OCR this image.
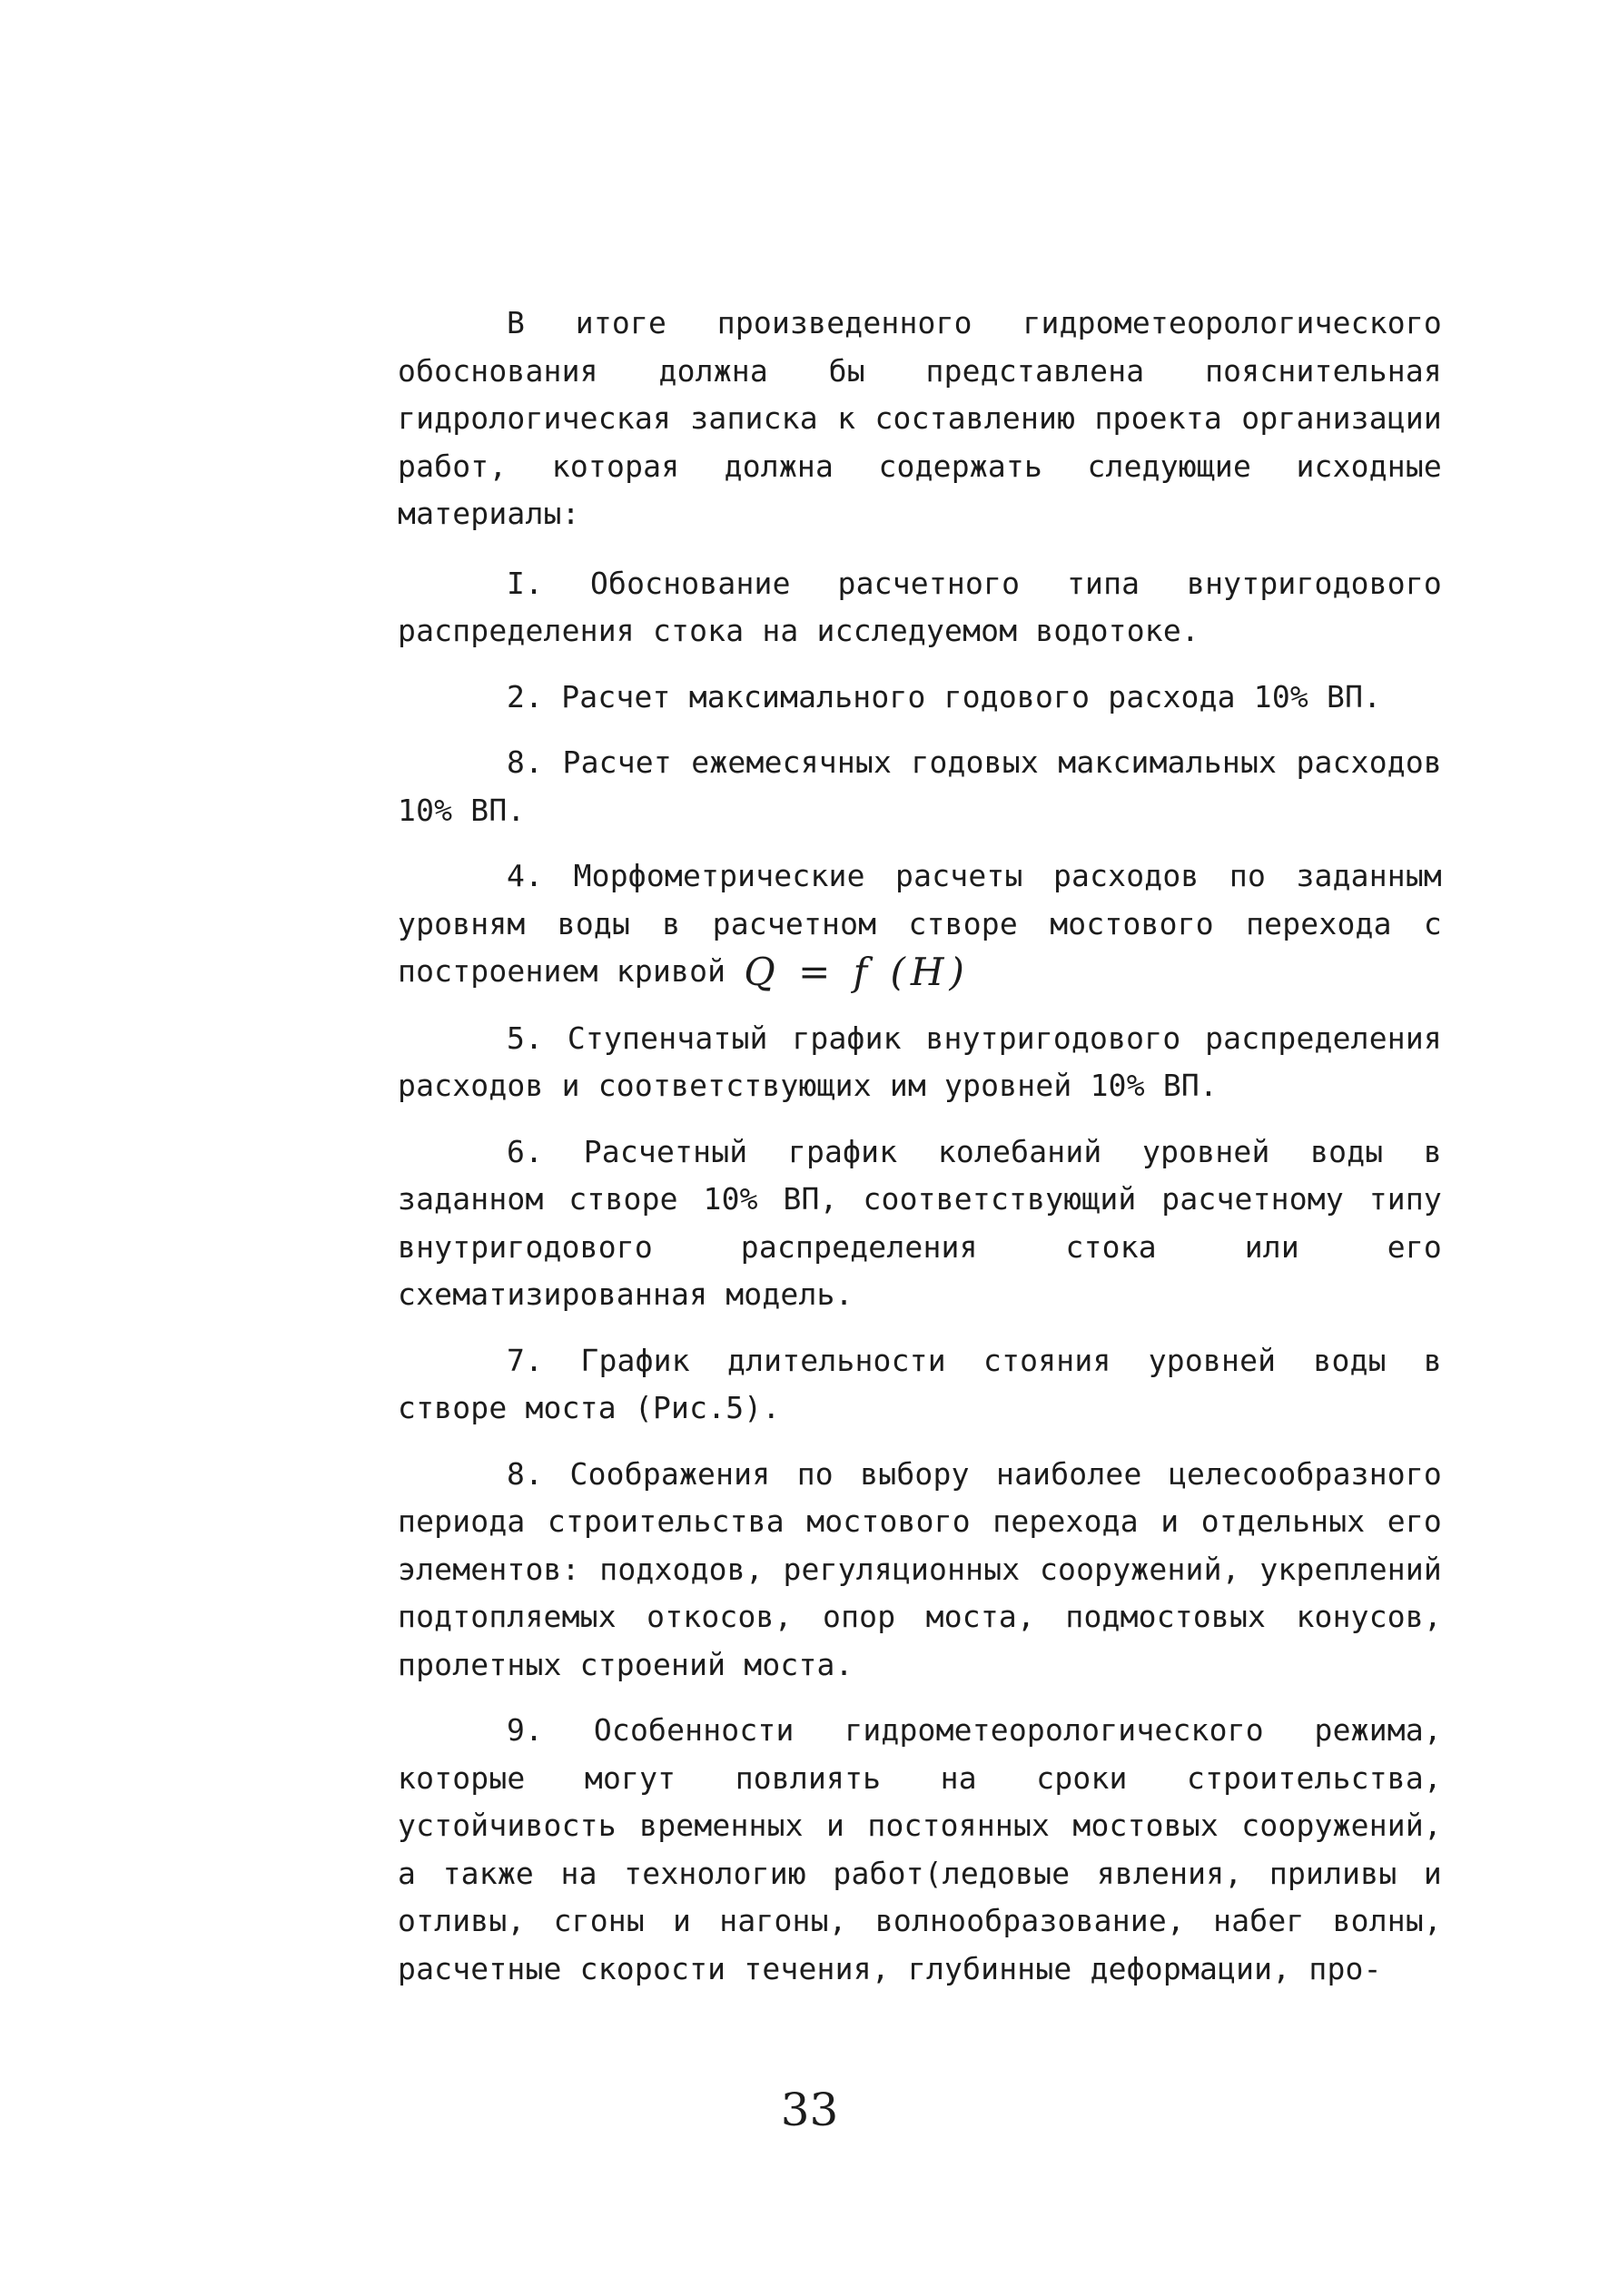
В итоге произведенного гидрометеорологического обоснования должна бы представлена пояснительная гидрологическая записка к составлению проекта организации работ, которая должна содержать следующие исходные материалы:

I. Обоснование расчетного типа внутригодового распределения стока на исследуемом водотоке.

2. Расчет максимального годового расхода 10% ВП.

8. Расчет ежемесячных годовых максимальных расходов 10% ВП.

4. Морфометрические расчеты расходов по заданным уровням воды в расчетном створе мостового перехода с построением кривой Q = f (H)

5. Ступенчатый график внутригодового распределения расходов и соответствующих им уровней 10% ВП.

6. Расчетный график колебаний уровней воды в заданном створе 10% ВП, соответствующий расчетному типу внутригодового распределения стока или его схематизированная модель.

7. График длительности стояния уровней воды в створе моста (Рис.5).

8. Соображения по выбору наиболее целесообразного периода строительства мостового перехода и отдельных его элементов: подходов, регуляционных сооружений, укреплений подтопляемых откосов, опор моста, подмостовых конусов, пролетных строений моста.

9. Особенности гидрометеорологического режима, которые могут повлиять на сроки строительства, устойчивость временных и постоянных мостовых сооружений, а также на технологию работ(ледовые явления, приливы и отливы, сгоны и нагоны, волнообразование, набег волны, расчетные скорости течения, глубинные деформации, про-

33
